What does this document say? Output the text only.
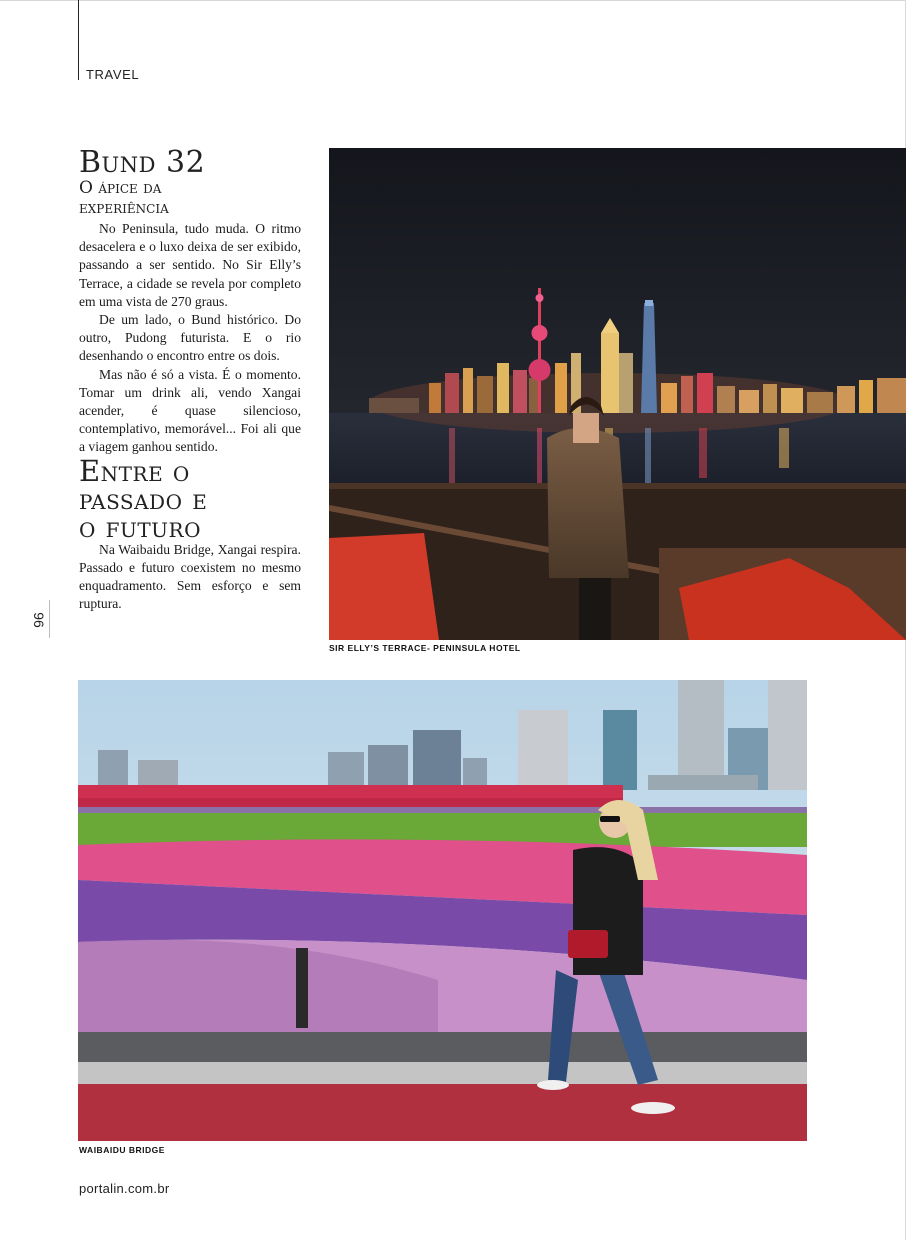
TRAVEL
96
Bund 32
O ápice da
experiência

No Peninsula, tudo muda. O ritmo desacelera e o luxo deixa de ser exibido, passando a ser sentido. No Sir Elly’s Terrace, a cidade se revela por completo em uma vista de 270 graus.

De um lado, o Bund histórico. Do outro, Pudong futurista. E o rio desenhando o encontro entre os dois.

Mas não é só a vista. É o momento. Tomar um drink ali, vendo Xangai acender, é quase silencioso, contemplativo, memorável... Foi ali que a viagem ganhou sentido.

Entre o
passado e
o futuro

Na Waibaidu Bridge, Xangai respira. Passado e futuro coexistem no mesmo enquadramento. Sem esforço e sem ruptura.

SIR ELLY’S TERRACE- PENINSULA HOTEL
WAIBAIDU BRIDGE
portalin.com.br
